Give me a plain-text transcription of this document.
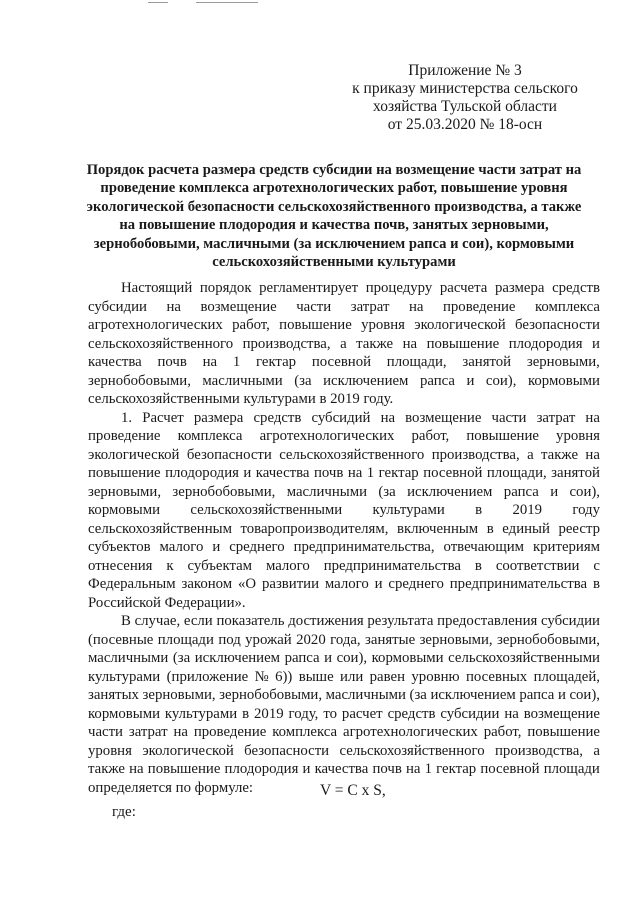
Приложение № 3
к приказу министерства сельского
хозяйства Тульской области
от 25.03.2020 № 18-осн
Порядок расчета размера средств субсидии на возмещение части затрат на
проведение комплекса агротехнологических работ, повышение уровня
экологической безопасности сельскохозяйственного производства, а также
на повышение плодородия и качества почв, занятых зерновыми,
зернобобовыми, масличными (за исключением рапса и сои), кормовыми
сельскохозяйственными культурами
Настоящий порядок регламентирует процедуру расчета размера средств
субсидии на возмещение части затрат на проведение комплекса
агротехнологических работ, повышение уровня экологической безопасности
сельскохозяйственного производства, а также на повышение плодородия и
качества почв на 1 гектар посевной площади, занятой зерновыми,
зернобобовыми, масличными (за исключением рапса и сои), кормовыми
сельскохозяйственными культурами в 2019 году.
1. Расчет размера средств субсидий на возмещение части затрат на
проведение комплекса агротехнологических работ, повышение уровня
экологической безопасности сельскохозяйственного производства, а также на
повышение плодородия и качества почв на 1 гектар посевной площади, занятой
зерновыми, зернобобовыми, масличными (за исключением рапса и сои),
кормовыми сельскохозяйственными культурами в 2019 году
сельскохозяйственным товаропроизводителям, включенным в единый реестр
субъектов малого и среднего предпринимательства, отвечающим критериям
отнесения к субъектам малого предпринимательства в соответствии с
Федеральным законом «О развитии малого и среднего предпринимательства в
Российской Федерации».
В случае, если показатель достижения результата предоставления субсидии
(посевные площади под урожай 2020 года, занятые зерновыми, зернобобовыми,
масличными (за исключением рапса и сои), кормовыми сельскохозяйственными
культурами (приложение № 6)) выше или равен уровню посевных площадей,
занятых зерновыми, зернобобовыми, масличными (за исключением рапса и сои),
кормовыми культурами в 2019 году, то расчет средств субсидии на возмещение
части затрат на проведение комплекса агротехнологических работ, повышение
уровня экологической безопасности сельскохозяйственного производства, а
также на повышение плодородия и качества почв на 1 гектар посевной площади
определяется по формуле:	V = C x S,
где:
